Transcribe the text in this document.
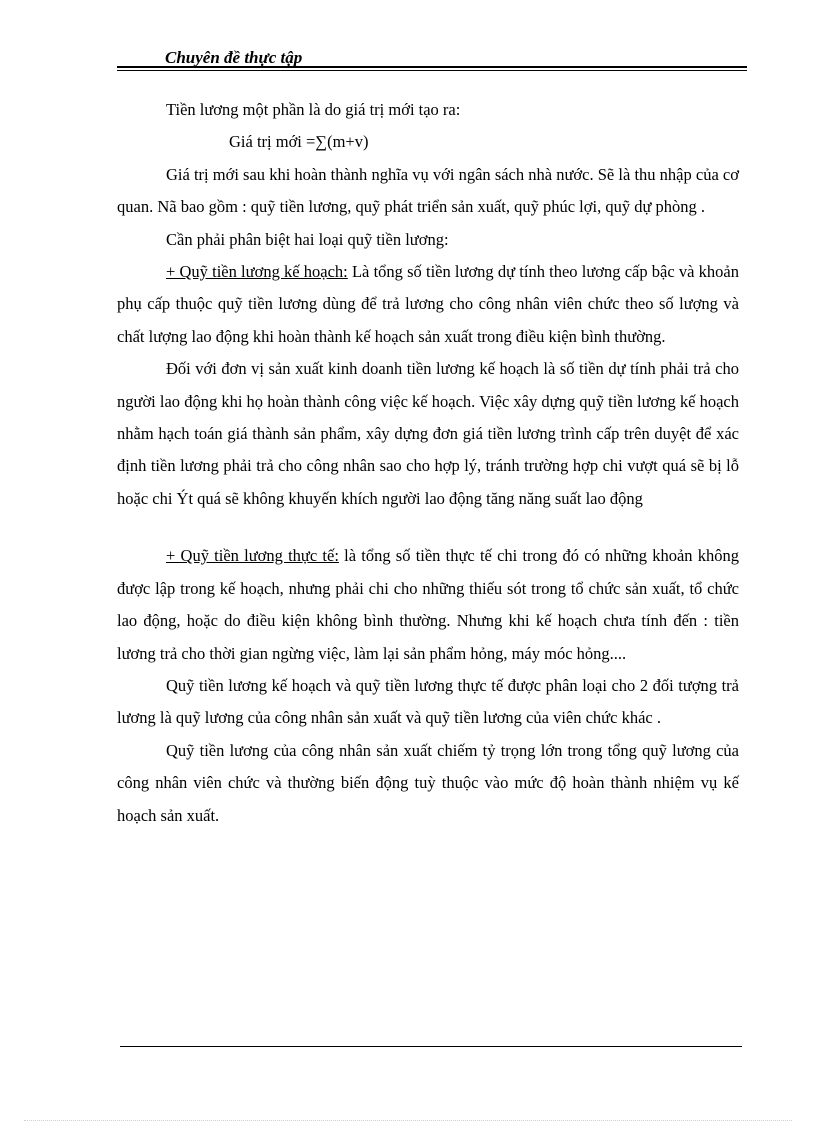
Chuyên đề thực tập

Tiền lương một phần là do giá trị mới tạo ra:

Giá trị mới =∑(m+v)

Giá trị mới sau khi hoàn thành nghĩa vụ với ngân sách nhà nước. Sẽ là thu nhập của cơ quan. Nã bao gồm : quỹ tiền lương, quỹ phát triển sản xuất, quỹ phúc lợi, quỹ dự phòng .

Cần phải phân biệt hai loại quỹ tiền lương:

+ Quỹ tiền lương kế hoạch: Là tổng số tiền lương dự tính theo lương cấp bậc và khoản phụ cấp thuộc quỹ tiền lương dùng để trả lương cho công nhân viên chức theo số lượng và chất lượng lao động khi hoàn thành kế hoạch sản xuất trong điều kiện bình thường.

Đối với đơn vị sản xuất kinh doanh tiền lương kế hoạch là số tiền dự tính phải trả cho người lao động khi họ hoàn thành công việc kế hoạch. Việc xây dựng quỹ tiền lương kế hoạch nhằm hạch toán giá thành sản phẩm, xây dựng đơn giá tiền lương trình cấp trên duyệt để xác định tiền lương phải trả cho công nhân sao cho hợp lý, tránh trường hợp chi vượt quá sẽ bị lỗ hoặc chi Ýt quá sẽ không khuyến khích người lao động tăng năng suất lao động

+ Quỹ tiền lương thực tế: là tổng số tiền thực tế chi trong đó có những khoản không được lập trong kế hoạch, nhưng phải chi cho những thiếu sót trong tổ chức sản xuất, tổ chức lao động, hoặc do điều kiện không bình thường. Nhưng khi kế hoạch chưa tính đến : tiền lương trả cho thời gian ngừng việc, làm lại sản phẩm hỏng, máy móc hỏng....

Quỹ tiền lương kế hoạch và quỹ tiền lương thực tế được phân loại cho 2 đối tượng trả lương là quỹ lương của công nhân sản xuất và quỹ tiền lương của viên chức khác .

Quỹ tiền lương của công nhân sản xuất chiếm tỷ trọng lớn trong tổng quỹ lương của công nhân viên chức và thường biến động tuỳ thuộc vào mức độ hoàn thành nhiệm vụ kế hoạch sản xuất.
